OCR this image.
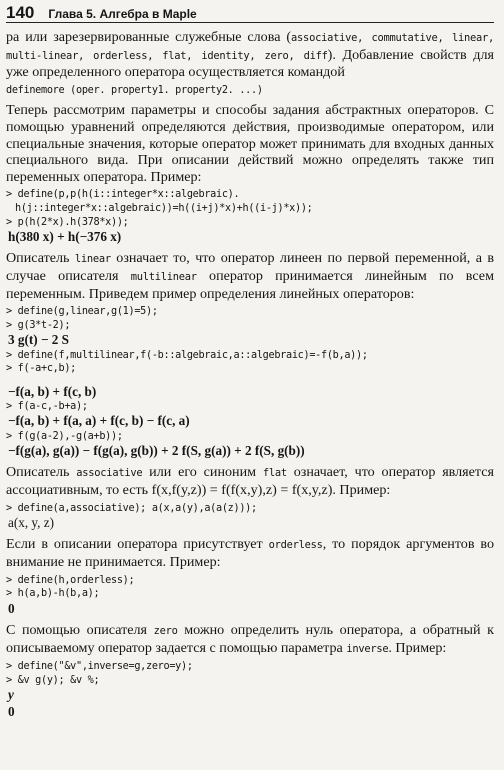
140 Глава 5. Алгебра в Maple

ра или зарезервированные служебные слова (associative, commutative, linear, multi-linear, orderless, flat, identity, zero, diff). Добавление свойств для уже определенного оператора осуществляется командой

definemore (oper. property1. property2. ...)

Теперь рассмотрим параметры и способы задания абстрактных операторов. С помощью уравнений определяются действия, производимые оператором, или специальные значения, которые оператор может принимать для входных данных специального вида. При описании действий можно определять также тип переменных оператора. Пример:

> define(p,p(h(i::integer*x::algebraic).
h(j::integer*x::algebraic))=h((i+j)*x)+h((i-j)*x));
> p(h(2*x).h(378*x));
h(380 x) + h(−376 x)

Описатель linear означает то, что оператор линеен по первой переменной, а в случае описателя multilinear оператор принимается линейным по всем переменным. Приведем пример определения линейных операторов:

> define(g,linear,g(1)=5);
> g(3*t-2);
3 g(t) − 2 S
> define(f,multilinear,f(-b::algebraic,a::algebraic)=-f(b,a));
> f(-a+c,b);
−f(a, b) + f(c, b)
> f(a-c,-b+a);
−f(a, b) + f(a, a) + f(c, b) − f(c, a)
> f(g(a-2),-g(a+b));
−f(g(a), g(a)) − f(g(a), g(b)) + 2 f(S, g(a)) + 2 f(S, g(b))

Описатель associative или его синоним flat означает, что оператор является ассоциативным, то есть f(x,f(y,z)) = f(f(x,y),z) = f(x,y,z). Пример:

> define(a,associative); a(x,a(y),a(a(z)));
a(x, y, z)

Если в описании оператора присутствует orderless, то порядок аргументов во внимание не принимается. Пример:

> define(h,orderless);
> h(a,b)-h(b,a);
0

С помощью описателя zero можно определить нуль оператора, а обратный к описываемому оператор задается с помощью параметра inverse. Пример:

> define("&v",inverse=g,zero=y);
> &v g(y); &v %;
y
0
